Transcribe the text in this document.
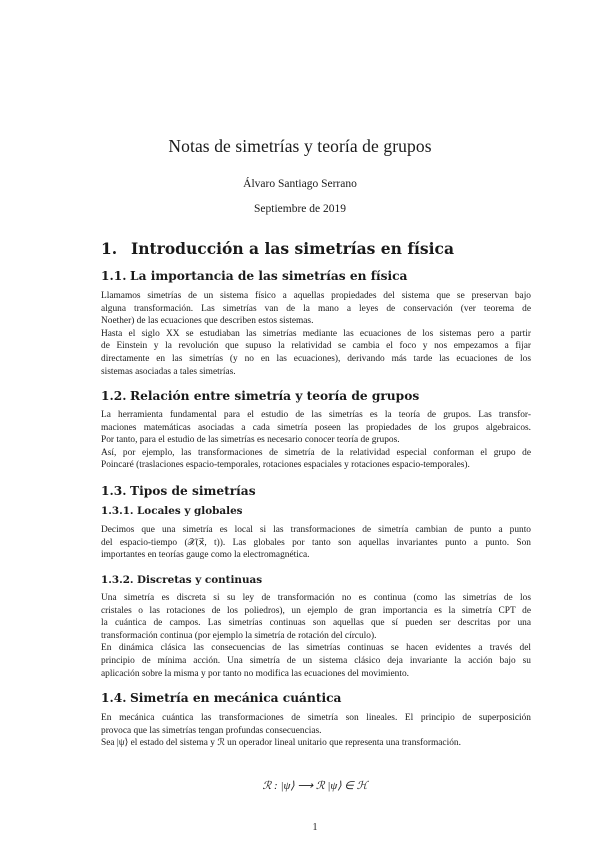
Notas de simetrías y teoría de grupos
Álvaro Santiago Serrano
Septiembre de 2019
1. Introducción a las simetrías en física
1.1. La importancia de las simetrías en física
Llamamos simetrías de un sistema físico a aquellas propiedades del sistema que se preservan bajo
alguna transformación. Las simetrías van de la mano a leyes de conservación (ver teorema de
Noether) de las ecuaciones que describen estos sistemas.
Hasta el siglo XX se estudiaban las simetrías mediante las ecuaciones de los sistemas pero a partir
de Einstein y la revolución que supuso la relatividad se cambia el foco y nos empezamos a fijar
directamente en las simetrías (y no en las ecuaciones), derivando más tarde las ecuaciones de los
sistemas asociadas a tales simetrías.
1.2. Relación entre simetría y teoría de grupos
La herramienta fundamental para el estudio de las simetrías es la teoría de grupos. Las transfor-
maciones matemáticas asociadas a cada simetría poseen las propiedades de los grupos algebraicos.
Por tanto, para el estudio de las simetrías es necesario conocer teoría de grupos.
Así, por ejemplo, las transformaciones de simetría de la relatividad especial conforman el grupo de
Poincaré (traslaciones espacio-temporales, rotaciones espaciales y rotaciones espacio-temporales).
1.3. Tipos de simetrías
1.3.1. Locales y globales
Decimos que una simetría es local si las transformaciones de simetría cambian de punto a punto
del espacio-tiempo (𝒳(x⃗, t)). Las globales por tanto son aquellas invariantes punto a punto. Son
importantes en teorías gauge como la electromagnética.
1.3.2. Discretas y continuas
Una simetría es discreta si su ley de transformación no es continua (como las simetrías de los
cristales o las rotaciones de los poliedros), un ejemplo de gran importancia es la simetría CPT de
la cuántica de campos. Las simetrías continuas son aquellas que sí pueden ser descritas por una
transformación continua (por ejemplo la simetría de rotación del círculo).
En dinámica clásica las consecuencias de las simetrías continuas se hacen evidentes a través del
principio de mínima acción. Una simetría de un sistema clásico deja invariante la acción bajo su
aplicación sobre la misma y por tanto no modifica las ecuaciones del movimiento.
1.4. Simetría en mecánica cuántica
En mecánica cuántica las transformaciones de simetría son lineales. El principio de superposición
provoca que las simetrías tengan profundas consecuencias.
Sea |ψ⟩ el estado del sistema y ℛ un operador lineal unitario que representa una transformación.
ℛ : |ψ⟩ ⟶ ℛ |ψ⟩ ∈ ℋ
1
